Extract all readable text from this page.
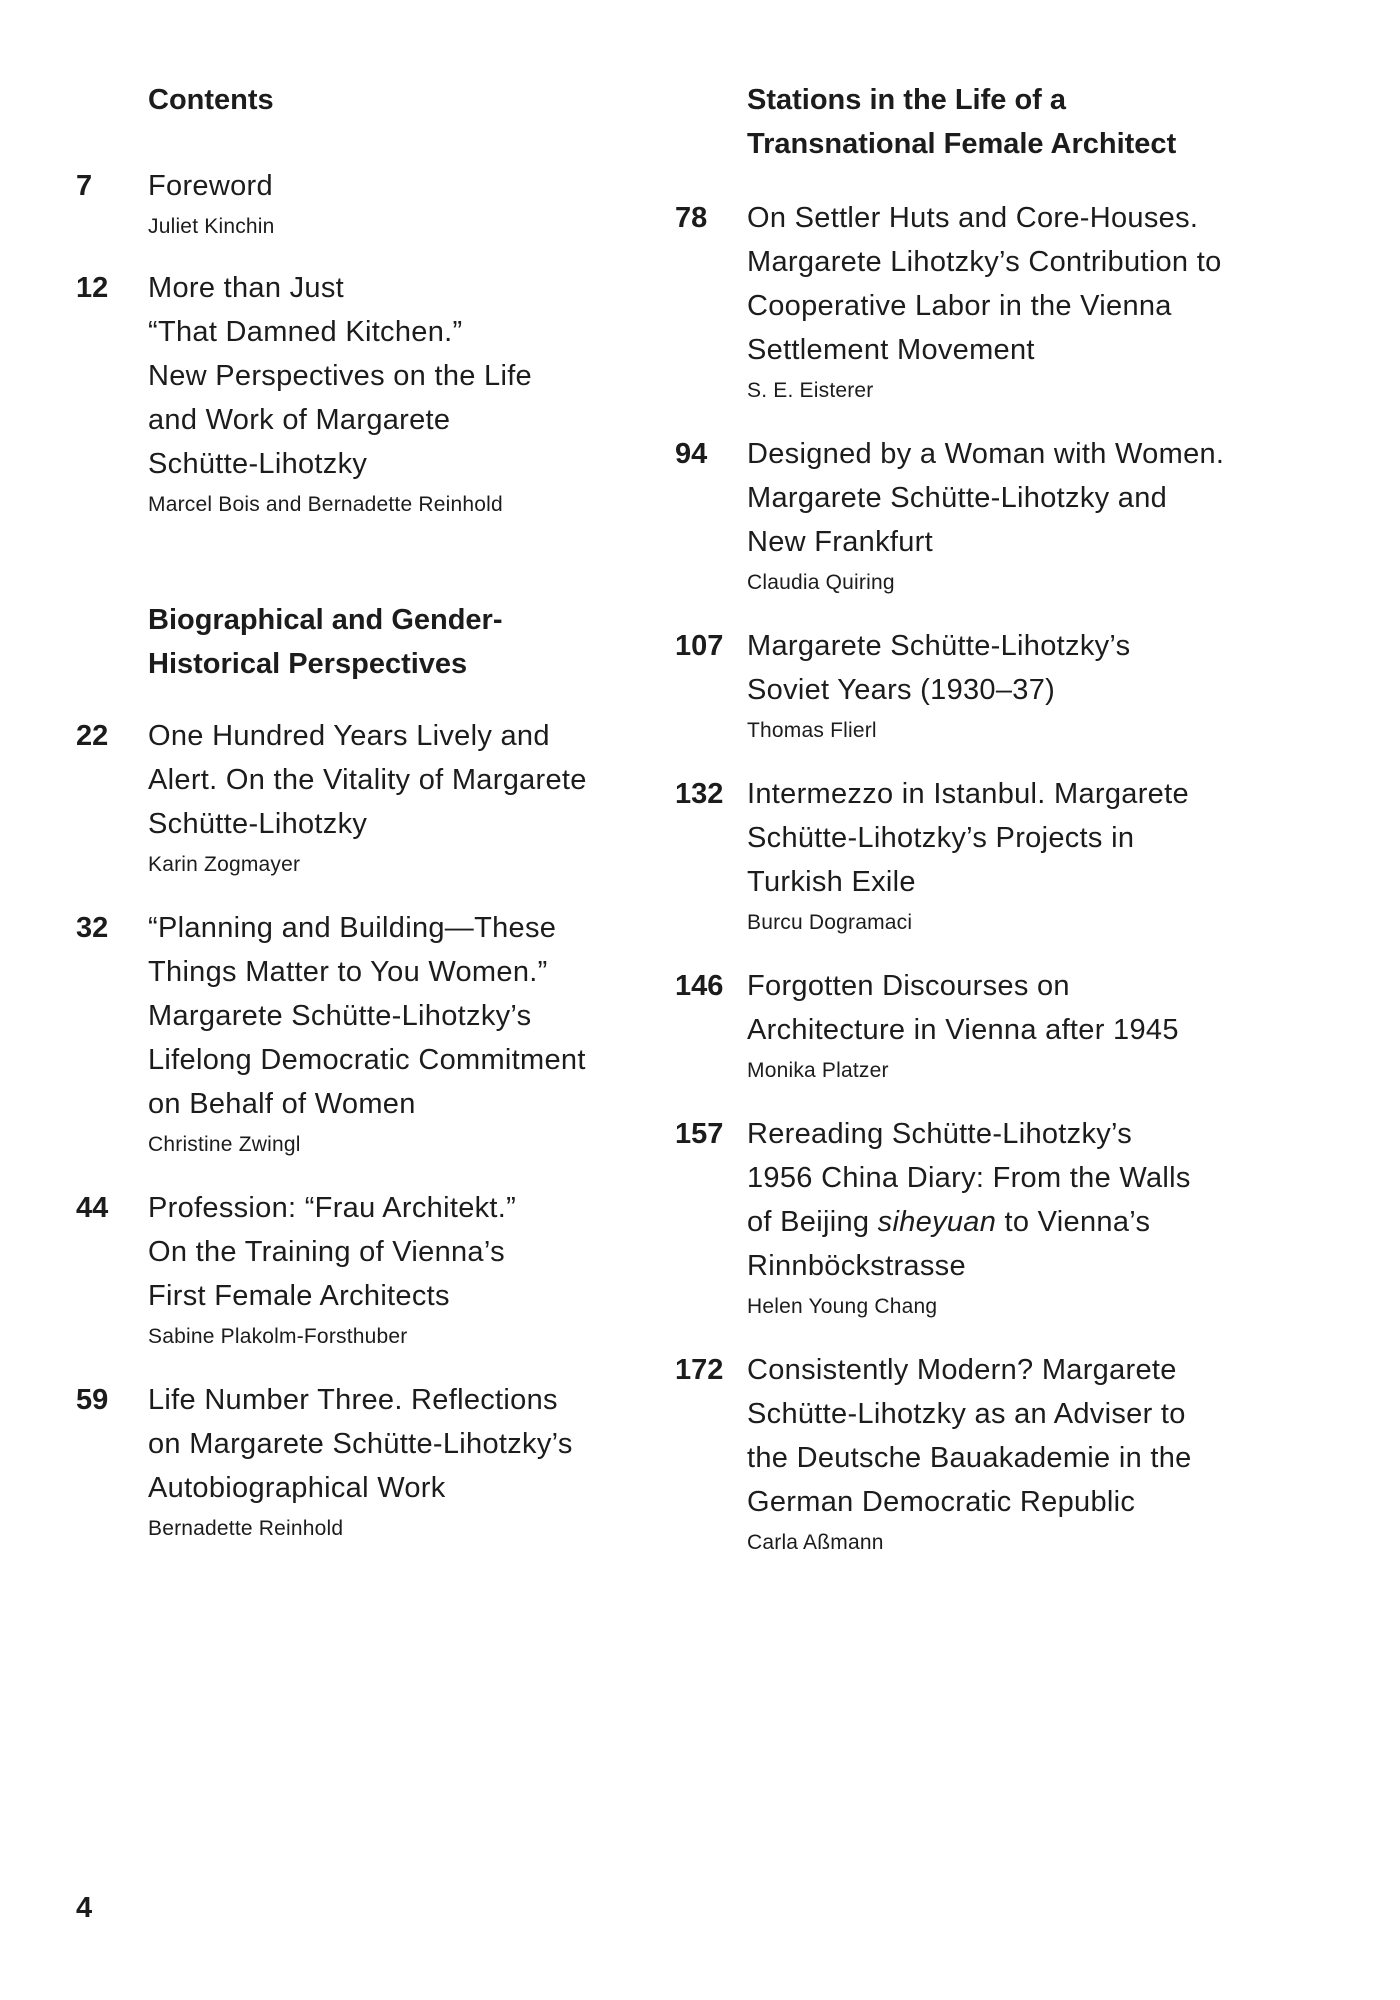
Contents
7 Foreword
Juliet Kinchin
12 More than Just
“That Damned Kitchen.”
New Perspectives on the Life
and Work of Margarete
Schütte-Lihotzky
Marcel Bois and Bernadette Reinhold
Biographical and Gender-
Historical Perspectives
22 One Hundred Years Lively and
Alert. On the Vitality of Margarete
Schütte-Lihotzky
Karin Zogmayer
32 “Planning and Building—These
Things Matter to You Women.”
Margarete Schütte-Lihotzky’s
Lifelong Democratic Commitment
on Behalf of Women
Christine Zwingl
44 Profession: “Frau Architekt.”
On the Training of Vienna’s
First Female Architects
Sabine Plakolm-Forsthuber
59 Life Number Three. Reflections
on Margarete Schütte-Lihotzky’s
Autobiographical Work
Bernadette Reinhold
Stations in the Life of a
Transnational Female Architect
78 On Settler Huts and Core-Houses.
Margarete Lihotzky’s Contribution to
Cooperative Labor in the Vienna
Settlement Movement
S. E. Eisterer
94 Designed by a Woman with Women.
Margarete Schütte-Lihotzky and
New Frankfurt
Claudia Quiring
107 Margarete Schütte-Lihotzky’s
Soviet Years (1930–37)
Thomas Flierl
132 Intermezzo in Istanbul. Margarete
Schütte-Lihotzky’s Projects in
Turkish Exile
Burcu Dogramaci
146 Forgotten Discourses on
Architecture in Vienna after 1945
Monika Platzer
157 Rereading Schütte-Lihotzky’s
1956 China Diary: From the Walls
of Beijing siheyuan to Vienna’s
Rinnböckstrasse
Helen Young Chang
172 Consistently Modern? Margarete
Schütte-Lihotzky as an Adviser to
the Deutsche Bauakademie in the
German Democratic Republic
Carla Aßmann
4
